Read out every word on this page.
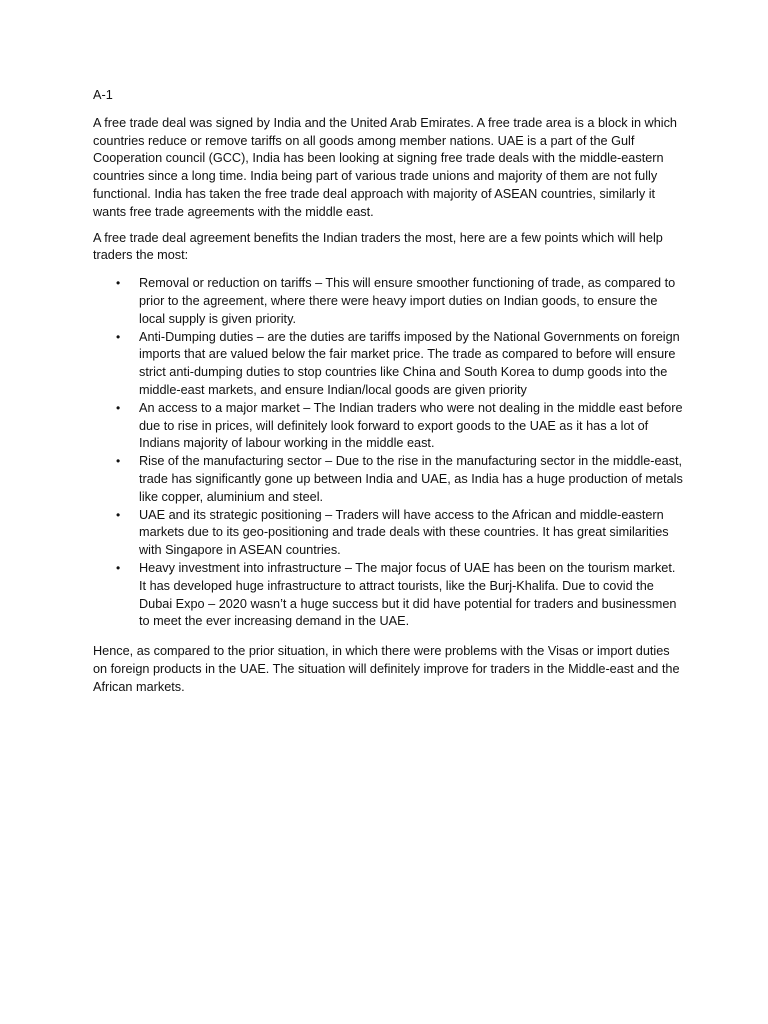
A-1

A free trade deal was signed by India and the United Arab Emirates. A free trade area is a block in which countries reduce or remove tariffs on all goods among member nations. UAE is a part of the Gulf Cooperation council (GCC), India has been looking at signing free trade deals with the middle-eastern countries since a long time. India being part of various trade unions and majority of them are not fully functional. India has taken the free trade deal approach with majority of ASEAN countries, similarly it wants free trade agreements with the middle east.

A free trade deal agreement benefits the Indian traders the most, here are a few points which will help traders the most:

• Removal or reduction on tariffs – This will ensure smoother functioning of trade, as compared to prior to the agreement, where there were heavy import duties on Indian goods, to ensure the local supply is given priority.
• Anti-Dumping duties – are the duties are tariffs imposed by the National Governments on foreign imports that are valued below the fair market price. The trade as compared to before will ensure strict anti-dumping duties to stop countries like China and South Korea to dump goods into the middle-east markets, and ensure Indian/local goods are given priority
• An access to a major market – The Indian traders who were not dealing in the middle east before due to rise in prices, will definitely look forward to export goods to the UAE as it has a lot of Indians majority of labour working in the middle east.
• Rise of the manufacturing sector – Due to the rise in the manufacturing sector in the middle-east, trade has significantly gone up between India and UAE, as India has a huge production of metals like copper, aluminium and steel.
• UAE and its strategic positioning – Traders will have access to the African and middle-eastern markets due to its geo-positioning and trade deals with these countries. It has great similarities with Singapore in ASEAN countries.
• Heavy investment into infrastructure – The major focus of UAE has been on the tourism market. It has developed huge infrastructure to attract tourists, like the Burj-Khalifa. Due to covid the Dubai Expo – 2020 wasn’t a huge success but it did have potential for traders and businessmen to meet the ever increasing demand in the UAE.

Hence, as compared to the prior situation, in which there were problems with the Visas or import duties on foreign products in the UAE. The situation will definitely improve for traders in the Middle-east and the African markets.
